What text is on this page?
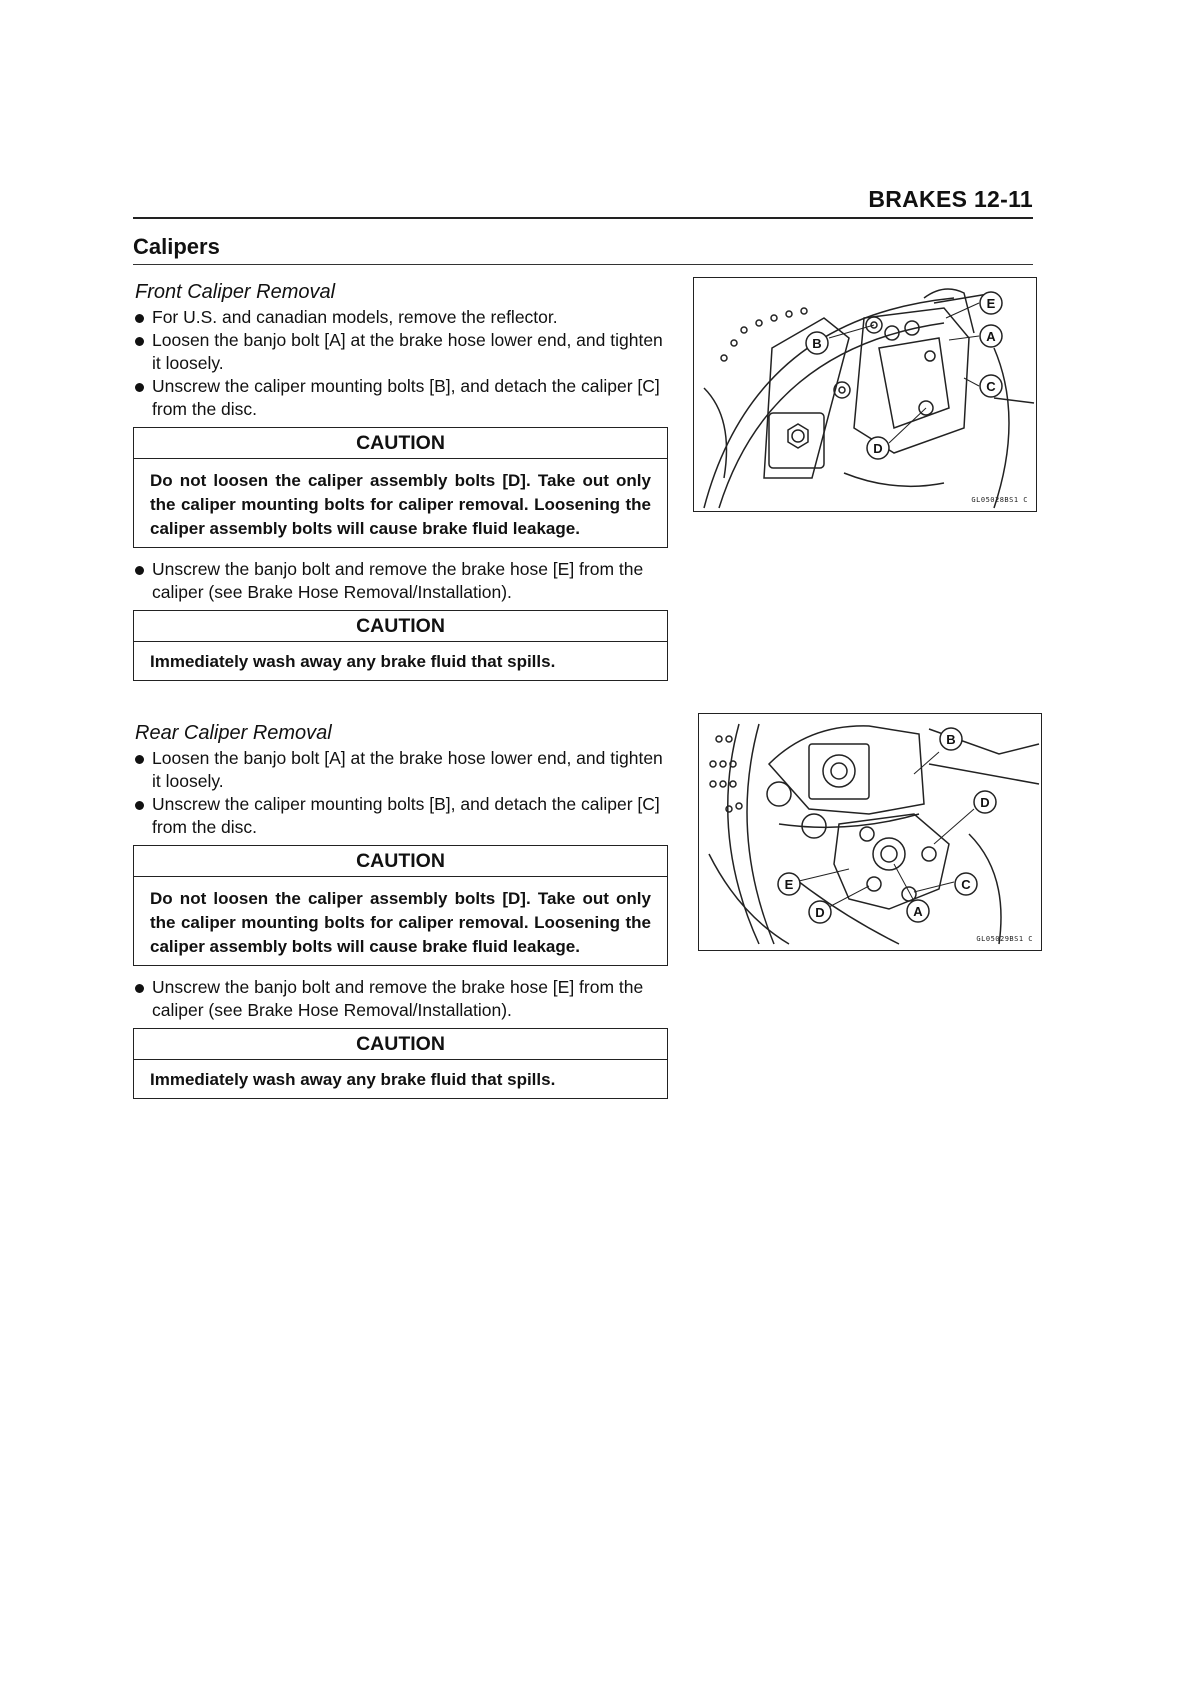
BRAKES 12-11
Calipers
Front Caliper Removal

For U.S. and canadian models, remove the reflector.

Loosen the banjo bolt [A] at the brake hose lower end, and tighten it loosely.

Unscrew the caliper mounting bolts [B], and detach the caliper [C] from the disc.

CAUTION
Do not loosen the caliper assembly bolts [D]. Take out only the caliper mounting bolts for caliper removal. Loosening the caliper assembly bolts will cause brake fluid leakage.

Unscrew the banjo bolt and remove the brake hose [E] from the caliper (see Brake Hose Removal/Installation).

CAUTION
Immediately wash away any brake fluid that spills.
Rear Caliper Removal

Loosen the banjo bolt [A] at the brake hose lower end, and tighten it loosely.

Unscrew the caliper mounting bolts [B], and detach the caliper [C] from the disc.

CAUTION
Do not loosen the caliper assembly bolts [D]. Take out only the caliper mounting bolts for caliper removal. Loosening the caliper assembly bolts will cause brake fluid leakage.

Unscrew the banjo bolt and remove the brake hose [E] from the caliper (see Brake Hose Removal/Installation).

CAUTION
Immediately wash away any brake fluid that spills.
E
A
B
C
D
GL05028BS1 C
B
D
C
E
D	A
GL05029BS1 C
